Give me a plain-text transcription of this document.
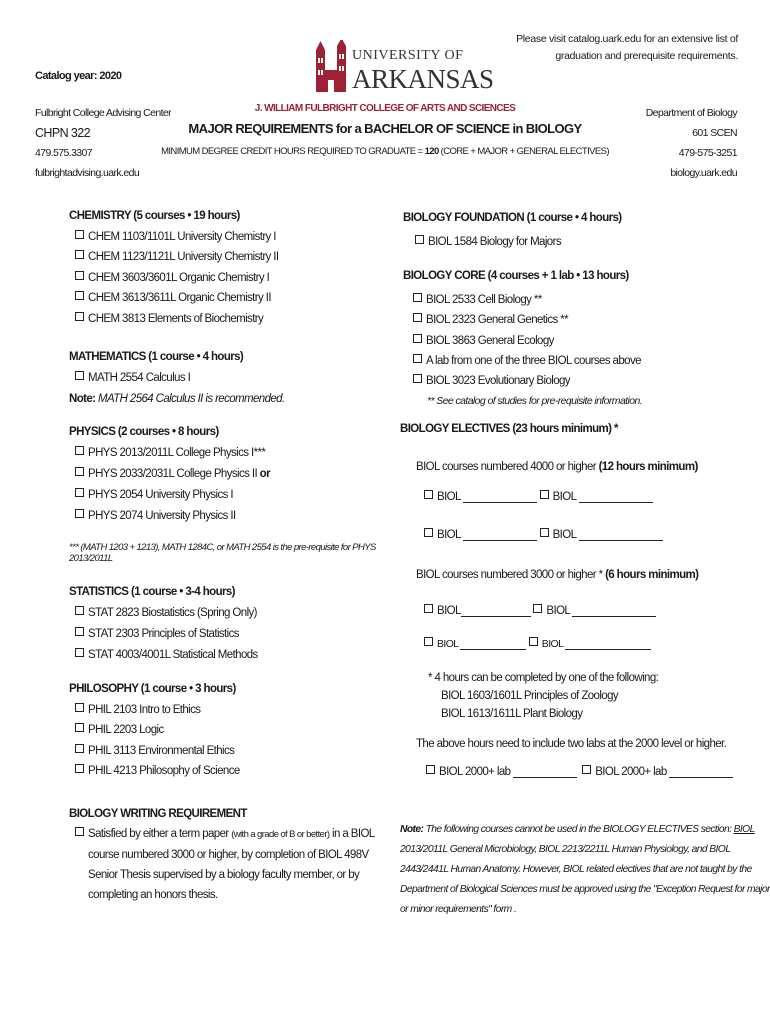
Please visit catalog.uark.edu for an extensive list of
graduation and prerequisite requirements.
UNIVERSITY OF
ARKANSAS
Catalog year: 2020
Fulbright College Advising Center
CHPN 322
479.575.3307
fulbrightadvising.uark.edu
J. WILLIAM FULBRIGHT COLLEGE OF ARTS AND SCIENCES
MAJOR REQUIREMENTS for a BACHELOR OF SCIENCE in BIOLOGY
MINIMUM DEGREE CREDIT HOURS REQUIRED TO GRADUATE = 120 (CORE + MAJOR + GENERAL ELECTIVES)
Department of Biology
601 SCEN
479-575-3251
biology.uark.edu
CHEMISTRY (5 courses • 19 hours)
CHEM 1103/1101L University Chemistry I
CHEM 1123/1121L University Chemistry II
CHEM 3603/3601L Organic Chemistry I
CHEM 3613/3611L Organic Chemistry II
CHEM 3813 Elements of Biochemistry
MATHEMATICS (1 course • 4 hours)
MATH 2554 Calculus I
Note: MATH 2564 Calculus II is recommended.
PHYSICS (2 courses • 8 hours)
PHYS 2013/2011L College Physics I***
PHYS 2033/2031L College Physics II or
PHYS 2054 University Physics I
PHYS 2074 University Physics II
*** (MATH 1203 + 1213), MATH 1284C, or MATH 2554 is the pre-requisite for PHYS
2013/2011L
STATISTICS (1 course • 3-4 hours)
STAT 2823 Biostatistics (Spring Only)
STAT 2303 Principles of Statistics
STAT 4003/4001L Statistical Methods
PHILOSOPHY (1 course • 3 hours)
PHIL 2103 Intro to Ethics
PHIL 2203 Logic
PHIL 3113 Environmental Ethics
PHIL 4213 Philosophy of Science
BIOLOGY WRITING REQUIREMENT
Satisfied by either a term paper (with a grade of B or better) in a BIOL
course numbered 3000 or higher, by completion of BIOL 498V
Senior Thesis supervised by a biology faculty member, or by
completing an honors thesis.
BIOLOGY FOUNDATION (1 course • 4 hours)
BIOL 1584 Biology for Majors
BIOLOGY CORE (4 courses + 1 lab • 13 hours)
BIOL 2533 Cell Biology **
BIOL 2323 General Genetics **
BIOL 3863 General Ecology
A lab from one of the three BIOL courses above
BIOL 3023 Evolutionary Biology
** See catalog of studies for pre-requisite information.
BIOLOGY ELECTIVES (23 hours minimum) *
BIOL courses numbered 4000 or higher (12 hours minimum)
BIOL	BIOL
BIOL	BIOL
BIOL courses numbered 3000 or higher * (6 hours minimum)
BIOL	BIOL
BIOL	BIOL
* 4 hours can be completed by one of the following:
BIOL 1603/1601L Principles of Zoology
BIOL 1613/1611L Plant Biology
The above hours need to include two labs at the 2000 level or higher.
BIOL 2000+ lab	BIOL 2000+ lab
Note: The following courses cannot be used in the BIOLOGY ELECTIVES section: BIOL
2013/2011L General Microbiology, BIOL 2213/2211L Human Physiology, and BIOL
2443/2441L Human Anatomy. However, BIOL related electives that are not taught by the
Department of Biological Sciences must be approved using the "Exception Request for major
or minor requirements" form .
